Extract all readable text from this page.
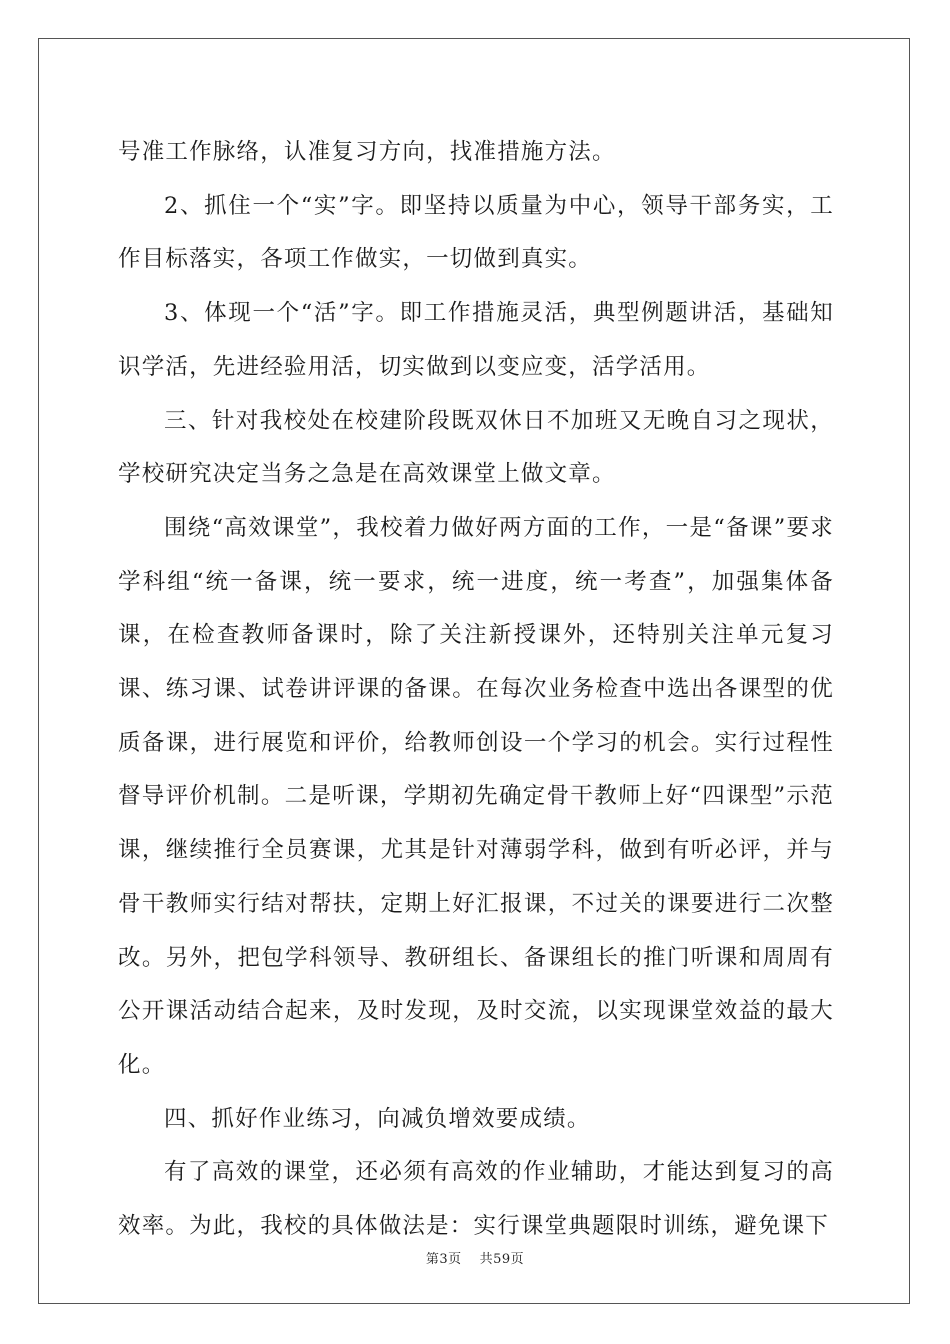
号准工作脉络，认准复习方向，找准措施方法。

2、抓住一个“实”字。即坚持以质量为中心，领导干部务实，工作目标落实，各项工作做实，一切做到真实。

3、体现一个“活”字。即工作措施灵活，典型例题讲活，基础知识学活，先进经验用活，切实做到以变应变，活学活用。

三、针对我校处在校建阶段既双休日不加班又无晚自习之现状，学校研究决定当务之急是在高效课堂上做文章。

围绕“高效课堂”，我校着力做好两方面的工作，一是“备课”要求学科组“统一备课，统一要求，统一进度，统一考查”，加强集体备课，在检查教师备课时，除了关注新授课外，还特别关注单元复习课、练习课、试卷讲评课的备课。在每次业务检查中选出各课型的优质备课，进行展览和评价，给教师创设一个学习的机会。实行过程性督导评价机制。二是听课，学期初先确定骨干教师上好“四课型”示范课，继续推行全员赛课，尤其是针对薄弱学科，做到有听必评，并与骨干教师实行结对帮扶，定期上好汇报课，不过关的课要进行二次整改。另外，把包学科领导、教研组长、备课组长的推门听课和周周有公开课活动结合起来，及时发现，及时交流，以实现课堂效益的最大化。

四、抓好作业练习，向减负增效要成绩。

有了高效的课堂，还必须有高效的作业辅助，才能达到复习的高效率。为此，我校的具体做法是：实行课堂典题限时训练，避免课下

第3页 共59页
